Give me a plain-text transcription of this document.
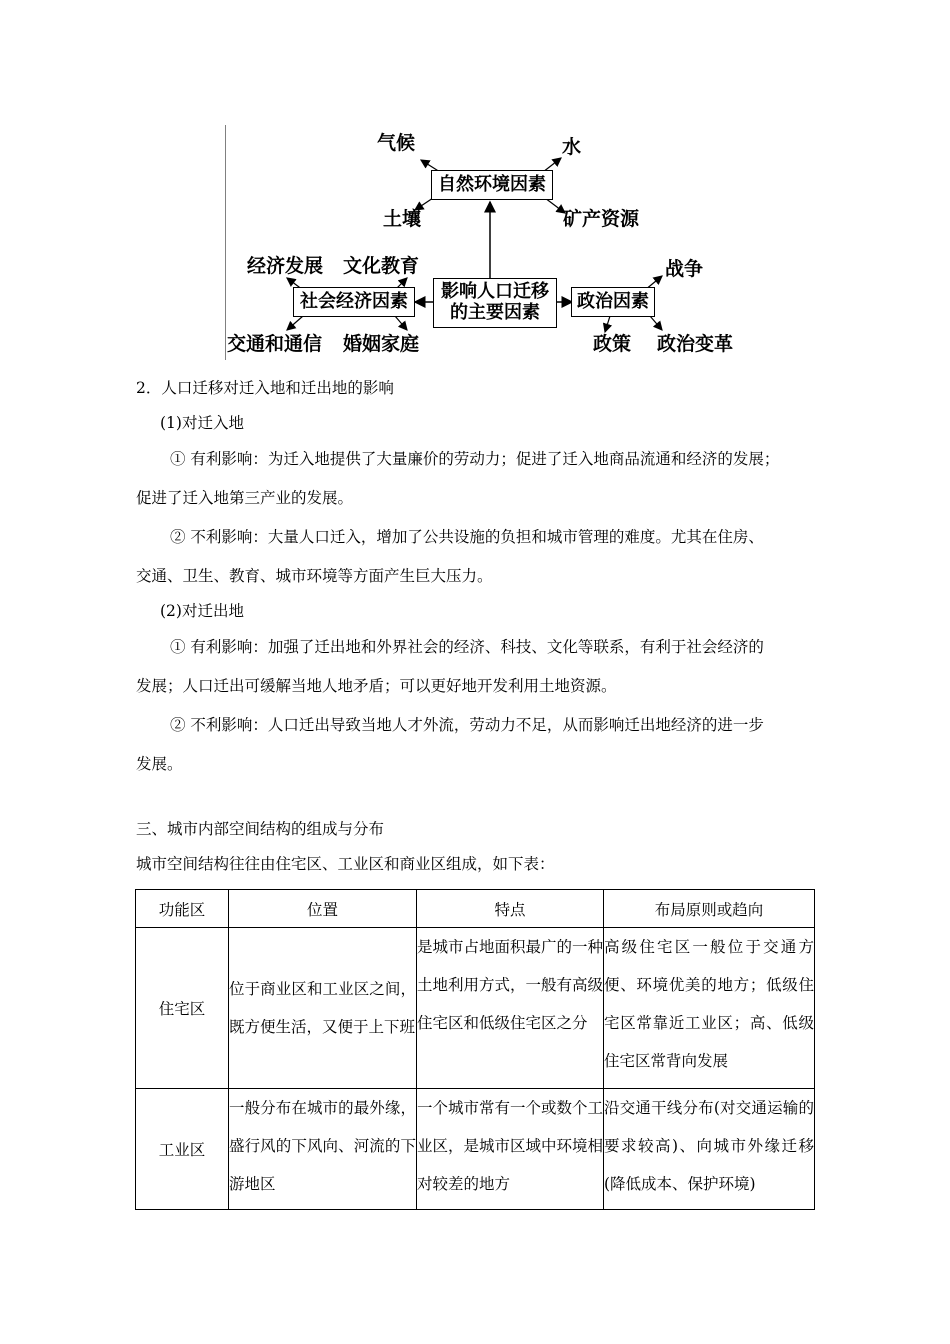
自然环境因素
影响人口迁移
的主要因素
社会经济因素	政治因素
气候	水
土壤	矿产资源
经济发展 文化教育
交通和通信 婚姻家庭
战争
政策 政治变革
2．人口迁移对迁入地和迁出地的影响
(1)对迁入地
① 有利影响：为迁入地提供了大量廉价的劳动力；促进了迁入地商品流通和经济的发展；
促进了迁入地第三产业的发展。
② 不利影响：大量人口迁入，增加了公共设施的负担和城市管理的难度。尤其在住房、
交通、卫生、教育、城市环境等方面产生巨大压力。
(2)对迁出地
① 有利影响：加强了迁出地和外界社会的经济、科技、文化等联系，有利于社会经济的
发展；人口迁出可缓解当地人地矛盾；可以更好地开发利用土地资源。
② 不利影响：人口迁出导致当地人才外流，劳动力不足，从而影响迁出地经济的进一步
发展。
三、城市内部空间结构的组成与分布
城市空间结构往往由住宅区、工业区和商业区组成，如下表：
功能区	位置	特点	布局原则或趋向
住宅区	位于商业区和工业区之间，既方便生活，又便于上下班	是城市占地面积最广的一种土地利用方式，一般有高级住宅区和低级住宅区之分	高级住宅区一般位于交通方便、环境优美的地方；低级住宅区常靠近工业区；高、低级住宅区常背向发展

工业区	一般分布在城市的最外缘，盛行风的下风向、河流的下游地区	一个城市常有一个或数个工业区，是城市区域中环境相对较差的地方	沿交通干线分布(对交通运输的要求较高)、向城市外缘迁移(降低成本、保护环境)
